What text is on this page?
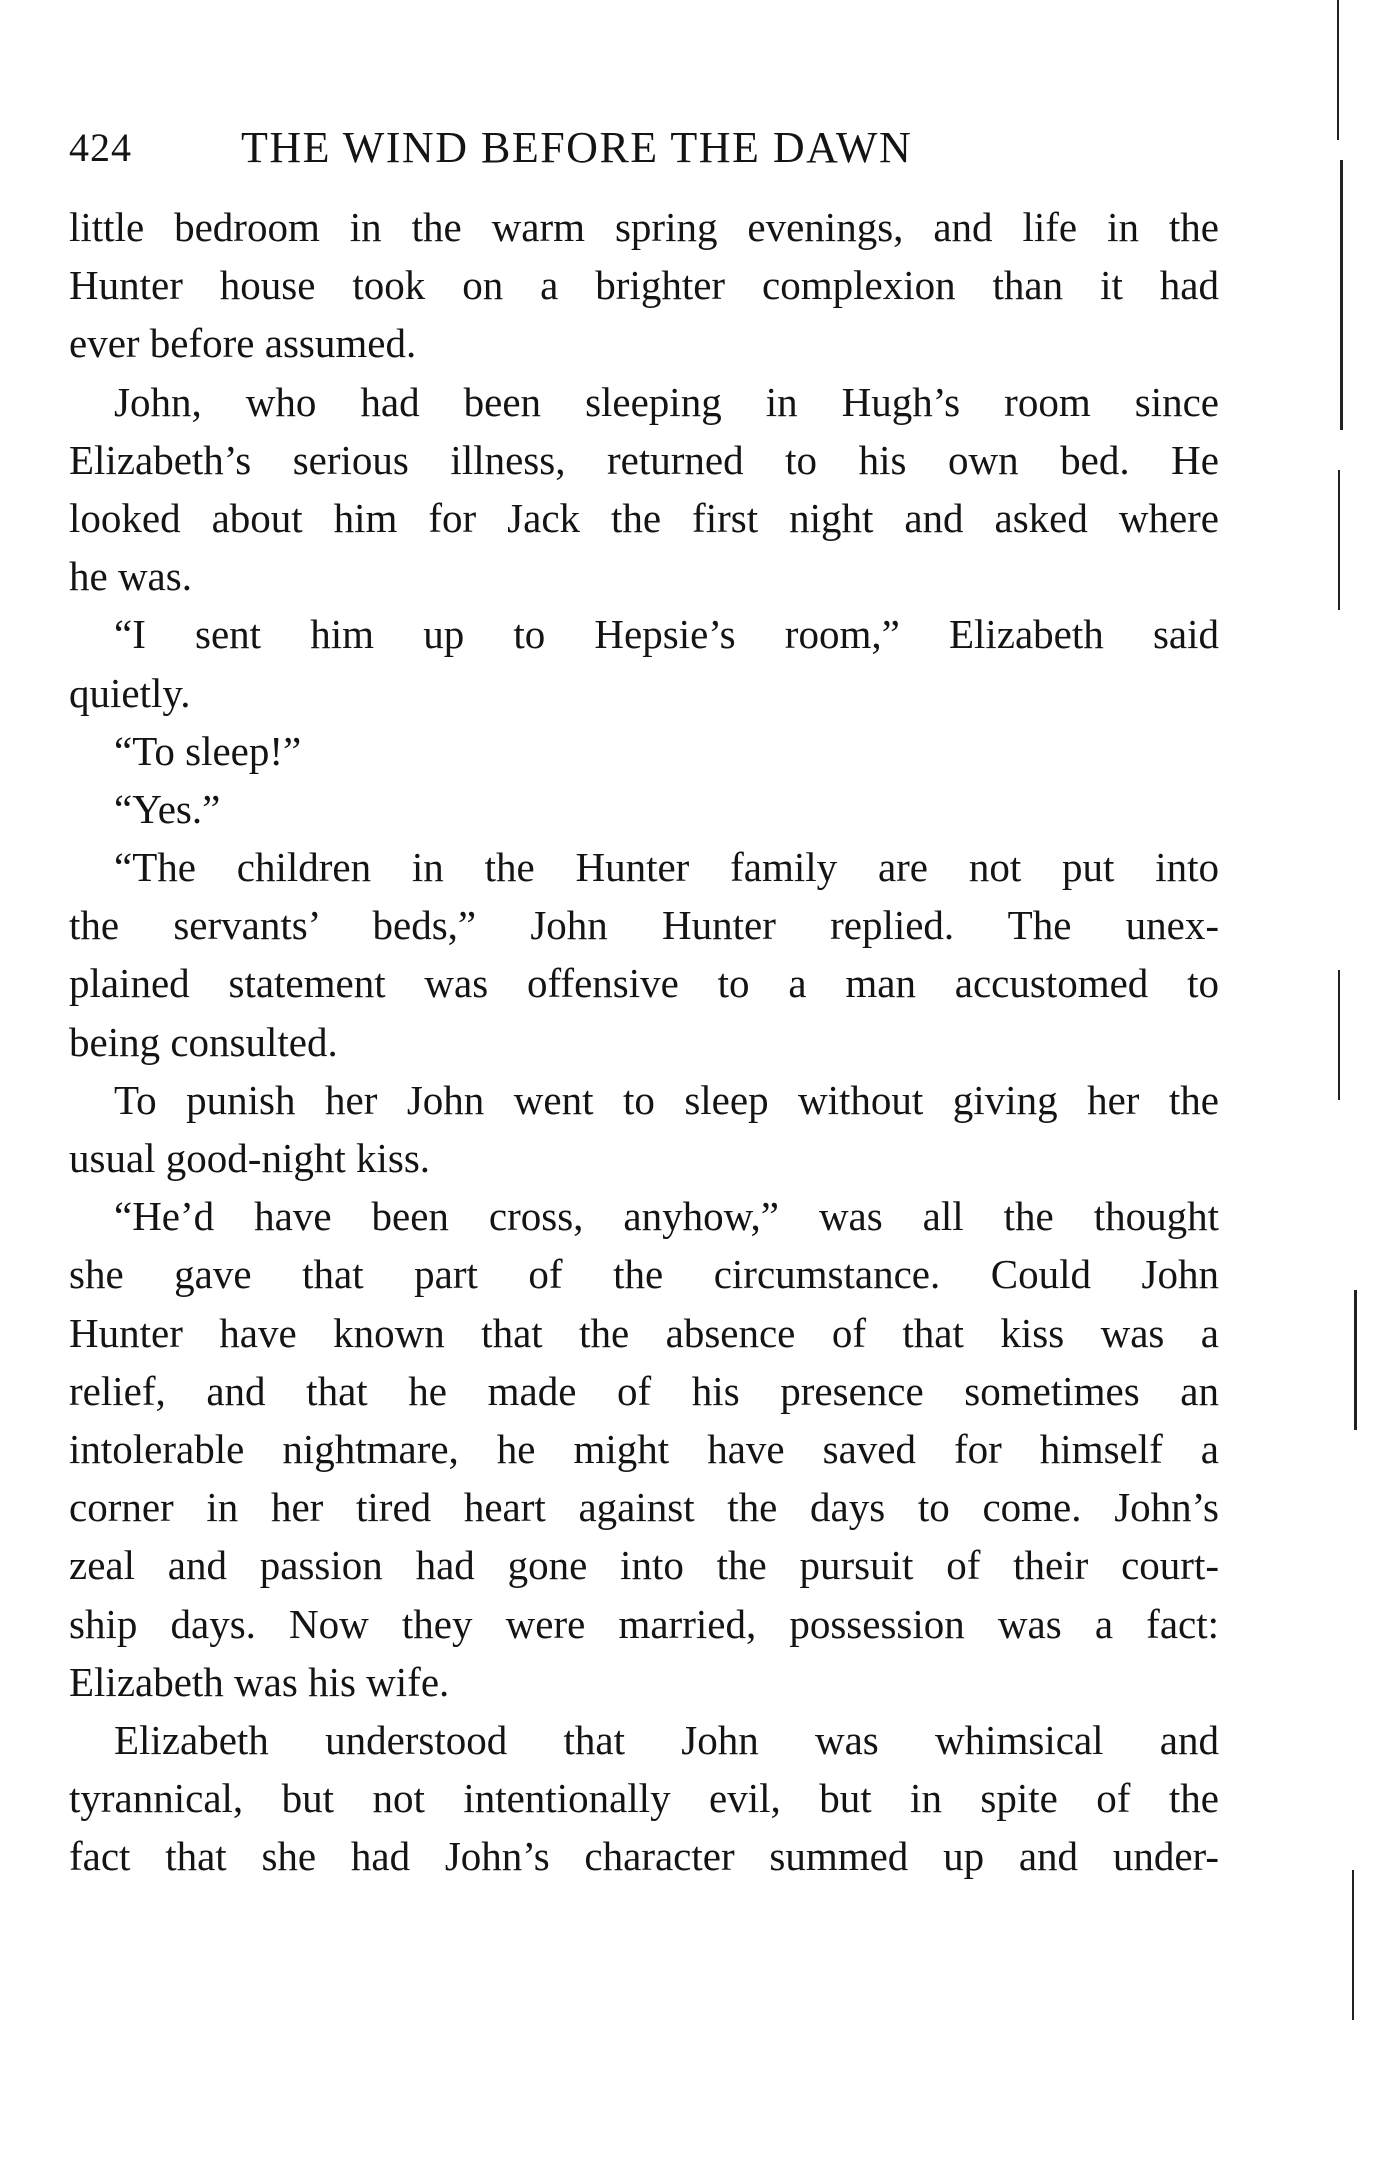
424 THE WIND BEFORE THE DAWN
little bedroom in the warm spring evenings, and life in the
Hunter house took on a brighter complexion than it had
ever before assumed.
John, who had been sleeping in Hugh’s room since
Elizabeth’s serious illness, returned to his own bed. He
looked about him for Jack the first night and asked where
he was.
“I sent him up to Hepsie’s room,” Elizabeth said
quietly.
“To sleep!”
“Yes.”
“The children in the Hunter family are not put into
the servants’ beds,” John Hunter replied. The unex-
plained statement was offensive to a man accustomed to
being consulted.
To punish her John went to sleep without giving her the
usual good-night kiss.
“He’d have been cross, anyhow,” was all the thought
she gave that part of the circumstance. Could John
Hunter have known that the absence of that kiss was a
relief, and that he made of his presence sometimes an
intolerable nightmare, he might have saved for himself a
corner in her tired heart against the days to come. John’s
zeal and passion had gone into the pursuit of their court-
ship days. Now they were married, possession was a fact:
Elizabeth was his wife.
Elizabeth understood that John was whimsical and
tyrannical, but not intentionally evil, but in spite of the
fact that she had John’s character summed up and under-
